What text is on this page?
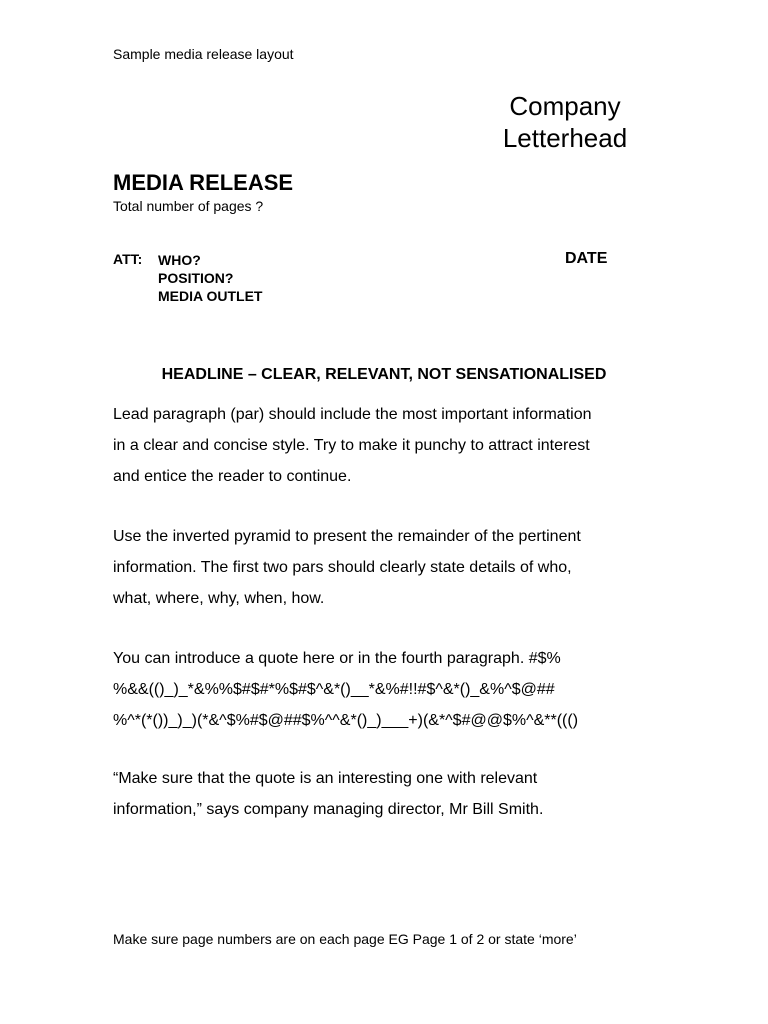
Sample media release layout
Company
Letterhead
MEDIA RELEASE
Total number of pages ?
ATT: WHO?
POSITION?
MEDIA OUTLET
DATE
HEADLINE – CLEAR, RELEVANT, NOT SENSATIONALISED
Lead paragraph (par) should include the most important information
in a clear and concise style. Try to make it punchy to attract interest
and entice the reader to continue.
Use the inverted pyramid to present the remainder of the pertinent
information. The first two pars should clearly state details of who,
what, where, why, when, how.
You can introduce a quote here or in the fourth paragraph. #$%
%&&(()_)_*&%%$#$#*%$#$^&*()__*&%#!!#$^&*()_&%^$@##
%^*(*())_)_)(*&^$%#$@##$%^^&*()_)___+)(&*^$#@@$%^&**((()
“Make sure that the quote is an interesting one with relevant
information,” says company managing director, Mr Bill Smith.
Make sure page numbers are on each page EG Page 1 of 2 or state ‘more’
